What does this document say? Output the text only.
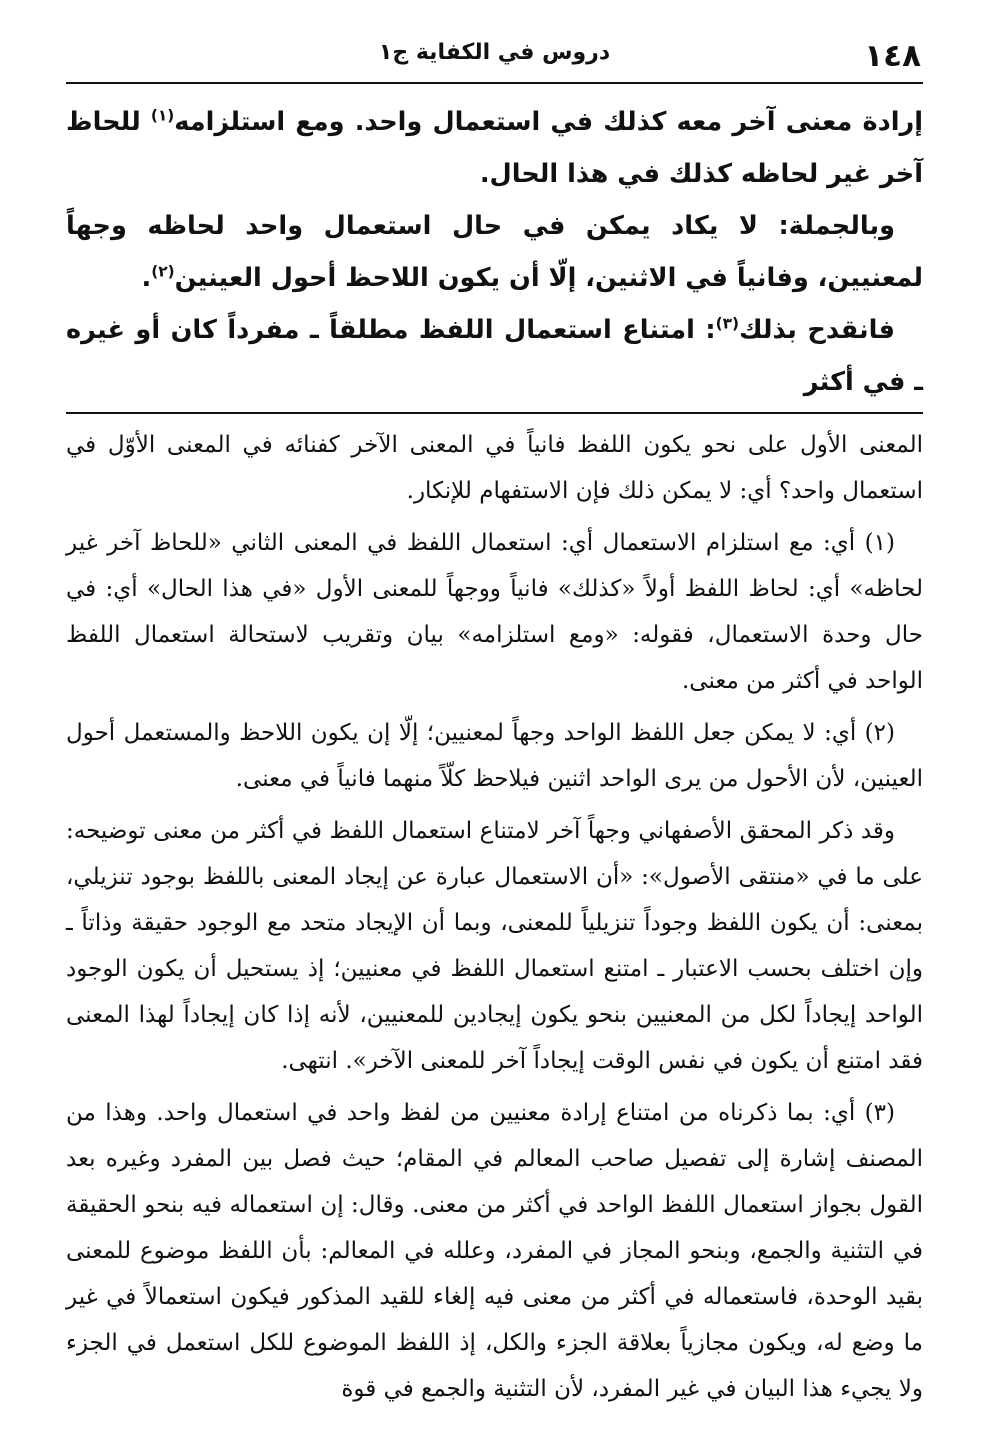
١٤٨
دروس في الكفاية ج١

إرادة معنى آخر معه كذلك في استعمال واحد. ومع استلزامه$^{(١)}$ للحاظ آخر غير لحاظه كذلك في هذا الحال.

وبالجملة: لا يكاد يمكن في حال استعمال واحد لحاظه وجهاً لمعنيين، وفانياً في الاثنين، إلّا أن يكون اللاحظ أحول العينين$^{(٢)}$.

فانقدح بذلك$^{(٣)}$: امتناع استعمال اللفظ مطلقاً ـ مفرداً كان أو غيره ـ في أكثر

المعنى الأول على نحو يكون اللفظ فانياً في المعنى الآخر كفنائه في المعنى الأوّل في استعمال واحد؟ أي: لا يمكن ذلك فإن الاستفهام للإنكار.

(١) أي: مع استلزام الاستعمال أي: استعمال اللفظ في المعنى الثاني «للحاظ آخر غير لحاظه» أي: لحاظ اللفظ أولاً «كذلك» فانياً ووجهاً للمعنى الأول «في هذا الحال» أي: في حال وحدة الاستعمال، فقوله: «ومع استلزامه» بيان وتقريب لاستحالة استعمال اللفظ الواحد في أكثر من معنى.

(٢) أي: لا يمكن جعل اللفظ الواحد وجهاً لمعنيين؛ إلّا إن يكون اللاحظ والمستعمل أحول العينين، لأن الأحول من يرى الواحد اثنين فيلاحظ كلّاً منهما فانياً في معنى.

وقد ذكر المحقق الأصفهاني وجهاً آخر لامتناع استعمال اللفظ في أكثر من معنى توضيحه: على ما في «منتقى الأصول»: «أن الاستعمال عبارة عن إيجاد المعنى باللفظ بوجود تنزيلي، بمعنى: أن يكون اللفظ وجوداً تنزيلياً للمعنى، وبما أن الإيجاد متحد مع الوجود حقيقة وذاتاً ـ وإن اختلف بحسب الاعتبار ـ امتنع استعمال اللفظ في معنيين؛ إذ يستحيل أن يكون الوجود الواحد إيجاداً لكل من المعنيين بنحو يكون إيجادين للمعنيين، لأنه إذا كان إيجاداً لهذا المعنى فقد امتنع أن يكون في نفس الوقت إيجاداً آخر للمعنى الآخر». انتهى.

(٣) أي: بما ذكرناه من امتناع إرادة معنيين من لفظ واحد في استعمال واحد. وهذا من المصنف إشارة إلى تفصيل صاحب المعالم في المقام؛ حيث فصل بين المفرد وغيره بعد القول بجواز استعمال اللفظ الواحد في أكثر من معنى. وقال: إن استعماله فيه بنحو الحقيقة في التثنية والجمع، وبنحو المجاز في المفرد، وعلله في المعالم: بأن اللفظ موضوع للمعنى بقيد الوحدة، فاستعماله في أكثر من معنى فيه إلغاء للقيد المذكور فيكون استعمالاً في غير ما وضع له، ويكون مجازياً بعلاقة الجزء والكل، إذ اللفظ الموضوع للكل استعمل في الجزء ولا يجيء هذا البيان في غير المفرد، لأن التثنية والجمع في قوة
